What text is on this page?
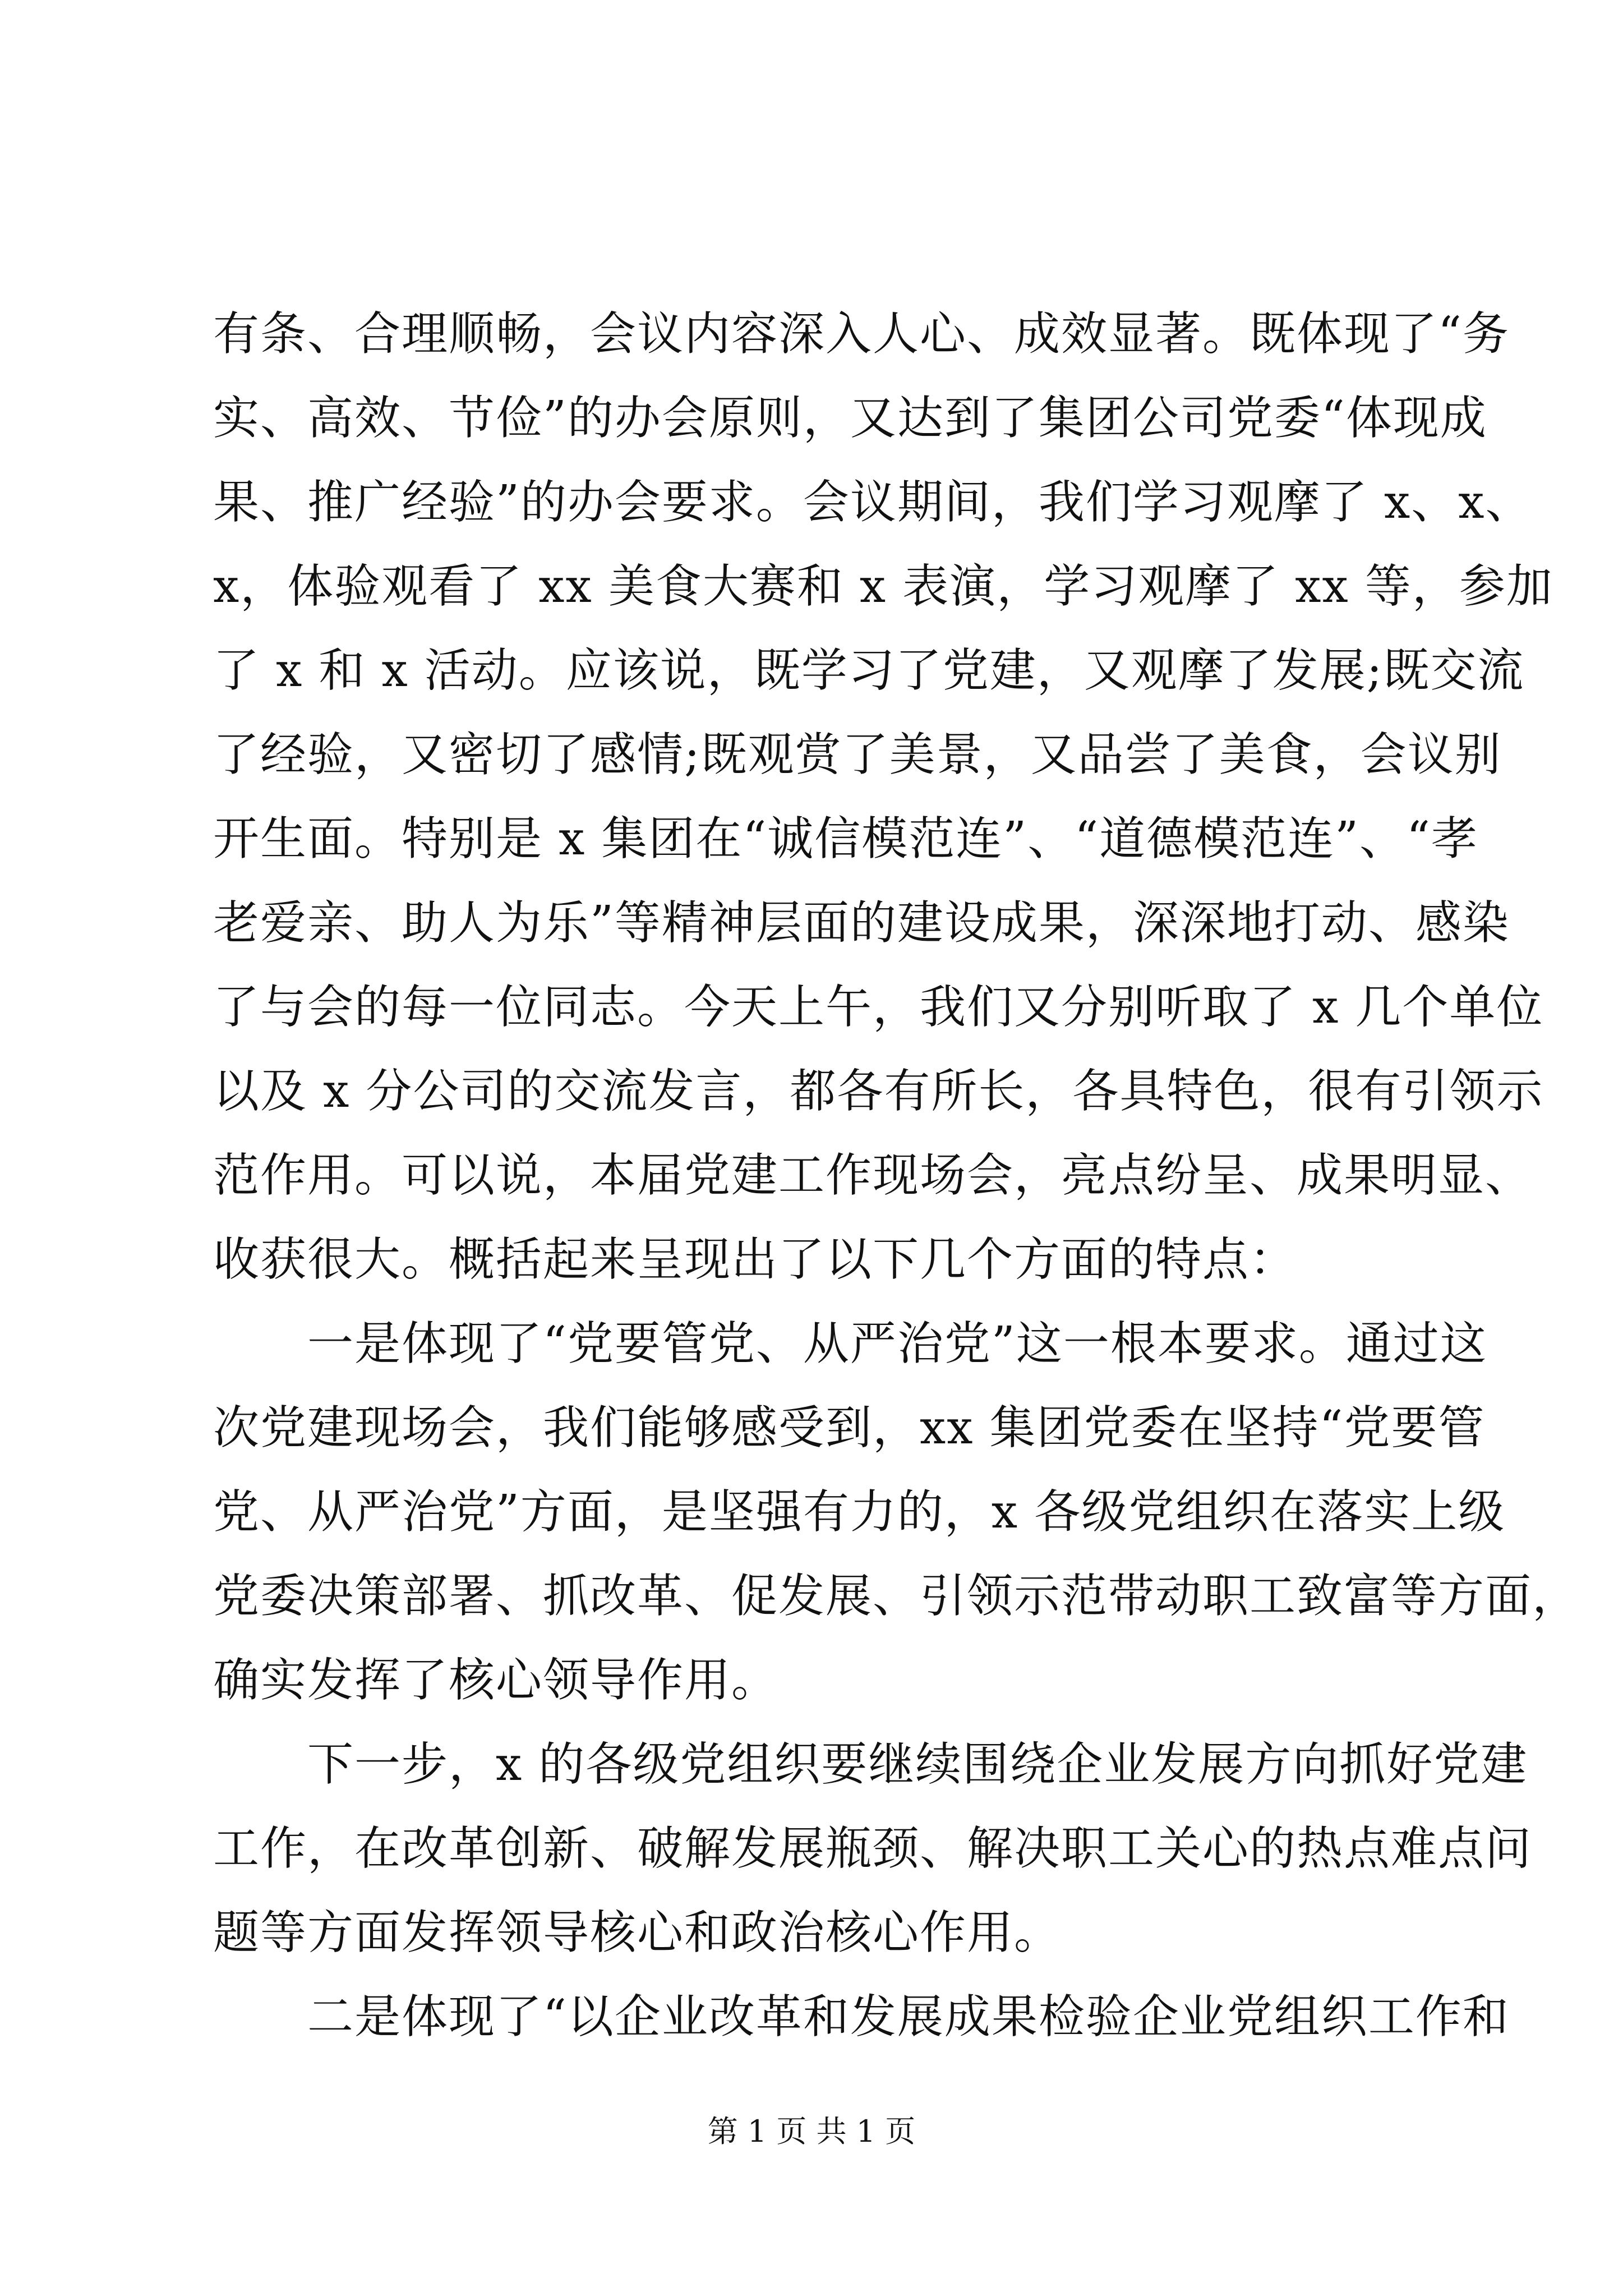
有条、合理顺畅，会议内容深入人心、成效显著。既体现了“务
实、高效、节俭”的办会原则，又达到了集团公司党委“体现成
果、推广经验”的办会要求。会议期间，我们学习观摩了 x、x、
x，体验观看了 xx 美食大赛和 x 表演，学习观摩了 xx 等，参加
了 x 和 x 活动。应该说，既学习了党建，又观摩了发展;既交流
了经验，又密切了感情;既观赏了美景，又品尝了美食，会议别
开生面。特别是 x 集团在“诚信模范连”、“道德模范连”、“孝
老爱亲、助人为乐”等精神层面的建设成果，深深地打动、感染
了与会的每一位同志。今天上午，我们又分别听取了 x 几个单位
以及 x 分公司的交流发言，都各有所长，各具特色，很有引领示
范作用。可以说，本届党建工作现场会，亮点纷呈、成果明显、
收获很大。概括起来呈现出了以下几个方面的特点：
一是体现了“党要管党、从严治党”这一根本要求。通过这
次党建现场会，我们能够感受到，xx 集团党委在坚持“党要管
党、从严治党”方面，是坚强有力的，x 各级党组织在落实上级
党委决策部署、抓改革、促发展、引领示范带动职工致富等方面，
确实发挥了核心领导作用。
下一步，x 的各级党组织要继续围绕企业发展方向抓好党建
工作，在改革创新、破解发展瓶颈、解决职工关心的热点难点问
题等方面发挥领导核心和政治核心作用。
二是体现了“以企业改革和发展成果检验企业党组织工作和
第 1 页 共 1 页
